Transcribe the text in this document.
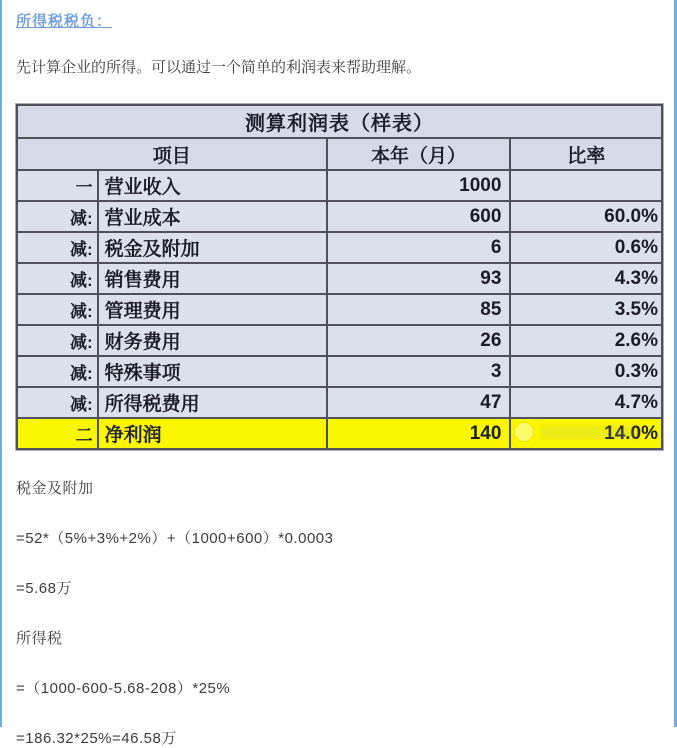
所得税税负：

先计算企业的所得。可以通过一个简单的利润表来帮助理解。

测算利润表（样表）			
项目		本年（月）	比率
一	营业收入	1000	
减:	营业成本	600	60.0%
减:	税金及附加	6	0.6%
减:	销售费用	93	4.3%
减:	管理费用	85	3.5%
减:	财务费用	26	2.6%
减:	特殊事项	3	0.3%
减:	所得税费用	47	4.7%
二	净利润	140	14.0%

税金及附加

=52*（5%+3%+2%）+（1000+600）*0.0003

=5.68万

所得税

=（1000-600-5.68-208）*25%

=186.32*25%=46.58万
